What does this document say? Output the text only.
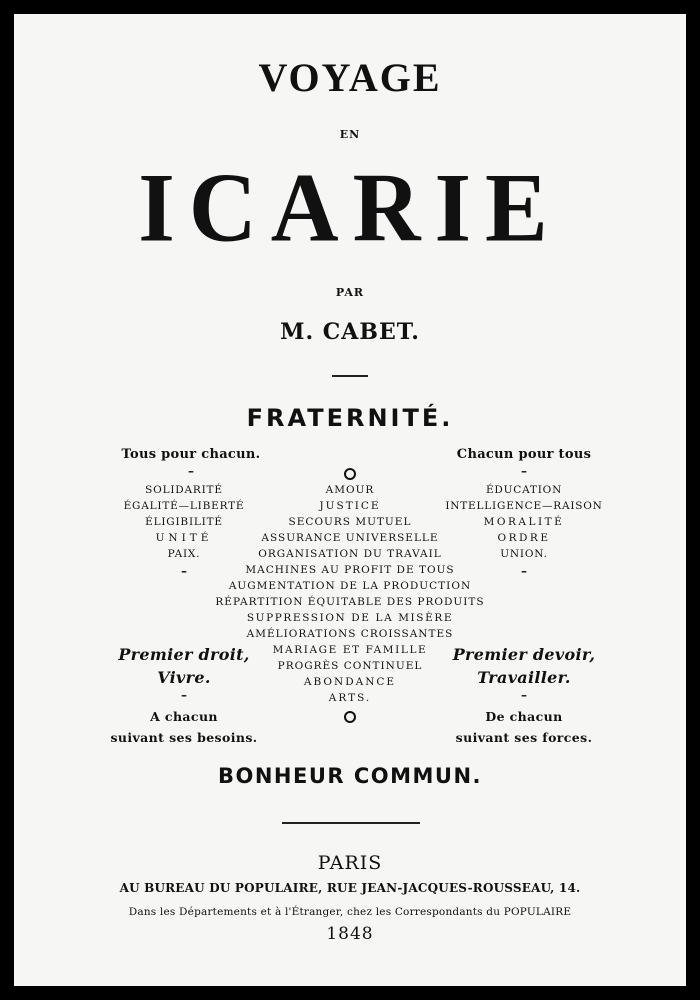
VOYAGE
EN
ICARIE
PAR
M. CABET.
FRATERNITÉ.
Tous pour chacun.
–
SOLIDARITÉ
ÉGALITÉ—LIBERTÉ
ÉLIGIBILITÉ
UNITÉ
PAIX.
–
Premier droit,
Vivre.
–
A chacun
suivant ses besoins.
AMOUR
JUSTICE
SECOURS MUTUEL
ASSURANCE UNIVERSELLE
ORGANISATION DU TRAVAIL
MACHINES AU PROFIT DE TOUS
AUGMENTATION DE LA PRODUCTION
RÉPARTITION ÉQUITABLE DES PRODUITS
SUPPRESSION DE LA MISÈRE
AMÉLIORATIONS CROISSANTES
MARIAGE ET FAMILLE
PROGRÈS CONTINUEL
ABONDANCE
ARTS.
Chacun pour tous
–
ÉDUCATION
INTELLIGENCE—RAISON
MORALITÉ
ORDRE
UNION.
–
Premier devoir,
Travailler.
–
De chacun
suivant ses forces.
BONHEUR COMMUN.
PARIS
AU BUREAU DU POPULAIRE, RUE JEAN-JACQUES-ROUSSEAU, 14.
Dans les Départements et à l'Étranger, chez les Correspondants du POPULAIRE
1848
